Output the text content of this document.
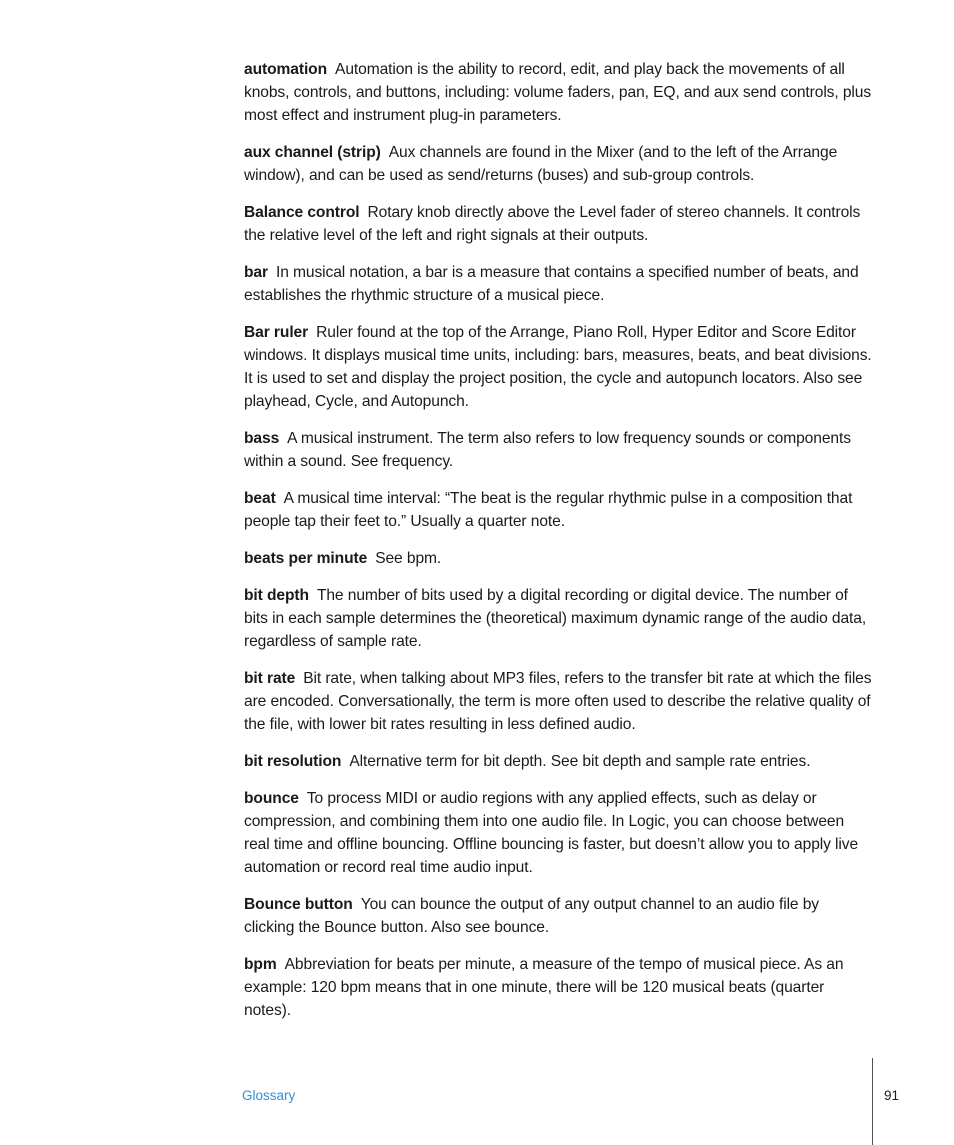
automation Automation is the ability to record, edit, and play back the movements of all knobs, controls, and buttons, including: volume faders, pan, EQ, and aux send controls, plus most effect and instrument plug-in parameters.

aux channel (strip) Aux channels are found in the Mixer (and to the left of the Arrange window), and can be used as send/returns (buses) and sub-group controls.

Balance control Rotary knob directly above the Level fader of stereo channels. It controls the relative level of the left and right signals at their outputs.

bar In musical notation, a bar is a measure that contains a specified number of beats, and establishes the rhythmic structure of a musical piece.

Bar ruler Ruler found at the top of the Arrange, Piano Roll, Hyper Editor and Score Editor windows. It displays musical time units, including: bars, measures, beats, and beat divisions. It is used to set and display the project position, the cycle and autopunch locators. Also see playhead, Cycle, and Autopunch.

bass A musical instrument. The term also refers to low frequency sounds or components within a sound. See frequency.

beat A musical time interval: “The beat is the regular rhythmic pulse in a composition that people tap their feet to.” Usually a quarter note.

beats per minute See bpm.

bit depth The number of bits used by a digital recording or digital device. The number of bits in each sample determines the (theoretical) maximum dynamic range of the audio data, regardless of sample rate.

bit rate Bit rate, when talking about MP3 files, refers to the transfer bit rate at which the files are encoded. Conversationally, the term is more often used to describe the relative quality of the file, with lower bit rates resulting in less defined audio.

bit resolution Alternative term for bit depth. See bit depth and sample rate entries.

bounce To process MIDI or audio regions with any applied effects, such as delay or compression, and combining them into one audio file. In Logic, you can choose between real time and offline bouncing. Offline bouncing is faster, but doesn’t allow you to apply live automation or record real time audio input.

Bounce button You can bounce the output of any output channel to an audio file by clicking the Bounce button. Also see bounce.

bpm Abbreviation for beats per minute, a measure of the tempo of musical piece. As an example: 120 bpm means that in one minute, there will be 120 musical beats (quarter notes).

Glossary	91
